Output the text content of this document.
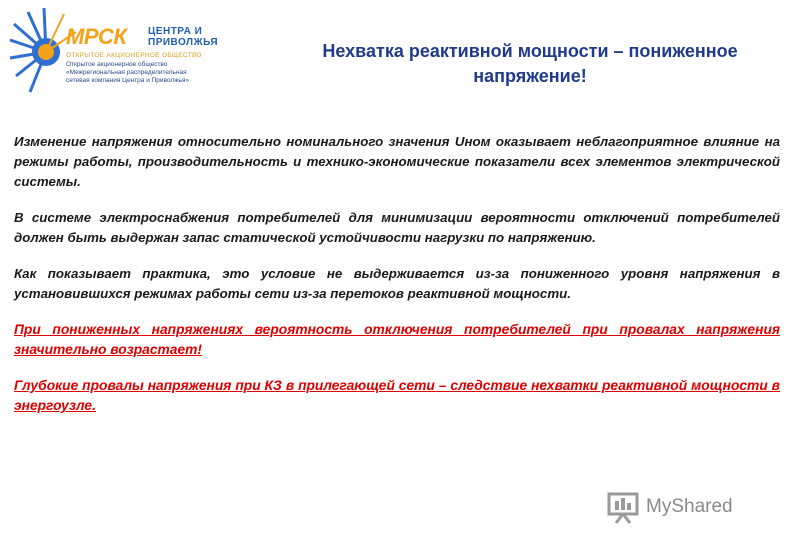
МРСК ЦЕНТРА И
ПРИВОЛЖЬЯ
ОТКРЫТОЕ АКЦИОНЕРНОЕ ОБЩЕСТВО
Открытое акционерное общество
«Межрегиональная распределительная
сетевая компания Центра и Приволжья»
Нехватка реактивной мощности – пониженное
напряжение!

Изменение напряжения относительно номинального значения Uном оказывает неблагоприятное влияние на режимы работы, производительность и технико-экономические показатели всех элементов электрической системы.

В системе электроснабжения потребителей для минимизации вероятности отключений потребителей должен быть выдержан запас статической устойчивости нагрузки по напряжению.

Как показывает практика, это условие не выдерживается из-за пониженного уровня напряжения в установившихся режимах работы сети из-за перетоков реактивной мощности.

При пониженных напряжениях вероятность отключения потребителей при провалах напряжения значительно возрастает!

Глубокие провалы напряжения при КЗ в прилегающей сети – следствие нехватки реактивной мощности в энергоузле.

MyShared
